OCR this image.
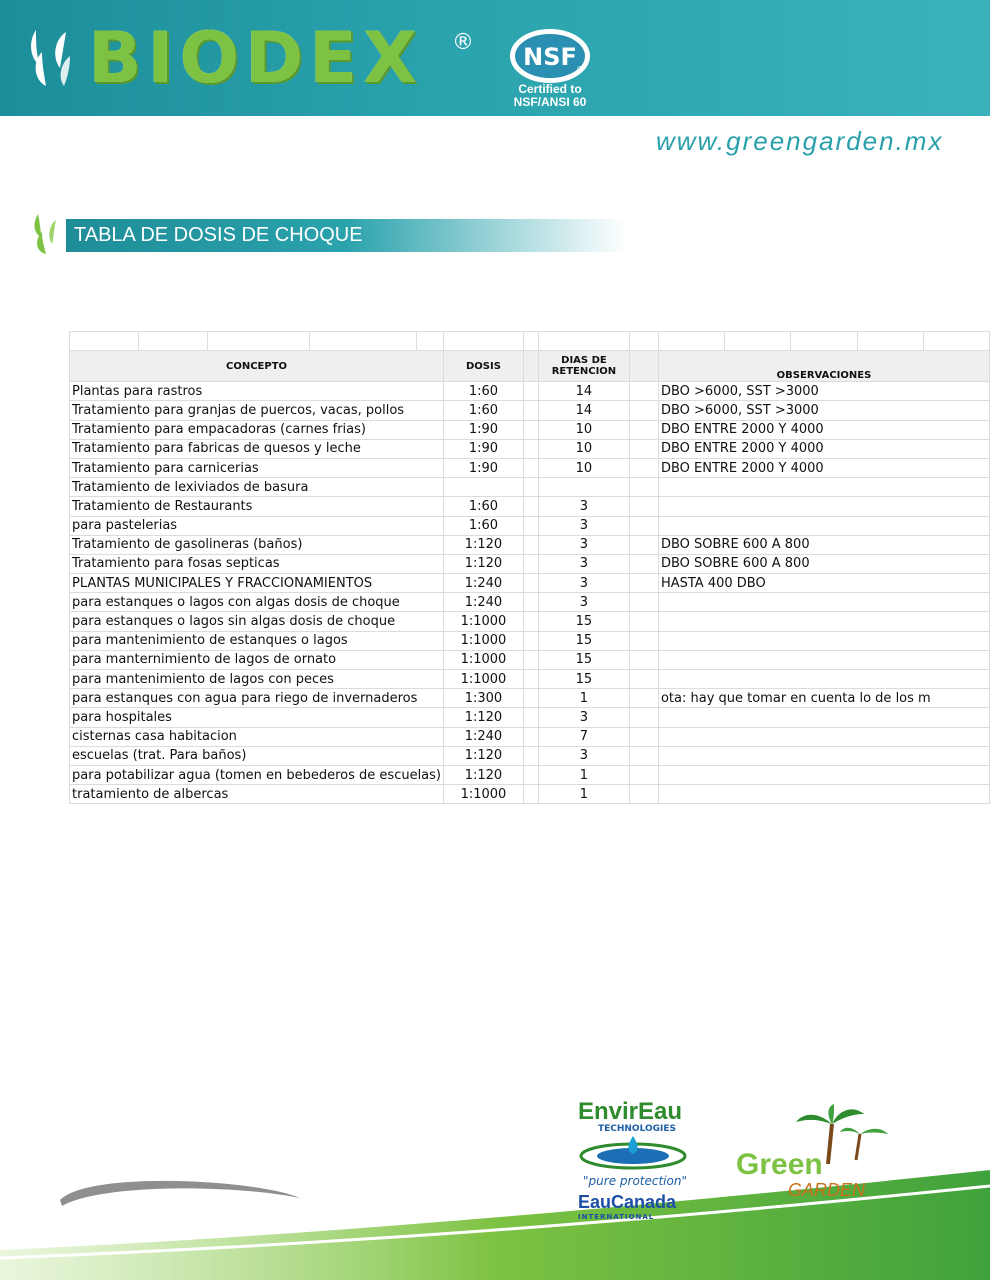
BIODEX ®
NSF ®
Certified to
NSF/ANSI 60
www.greengarden.mx
TABLA DE DOSIS DE CHOQUE

CONCEPTO					DOSIS		DIAS DE
RETENCION		OBSERVACIONES				
Plantas para rastros					1:60		14		DBO >6000, SST >3000				
Tratamiento para granjas de puercos, vacas, pollos					1:60		14		DBO >6000, SST >3000				
Tratamiento para empacadoras (carnes frias)					1:90		10		DBO ENTRE 2000 Y 4000				
Tratamiento para fabricas de quesos y leche					1:90		10		DBO ENTRE 2000 Y 4000				
Tratamiento para carnicerias					1:90		10		DBO ENTRE 2000 Y 4000				
Tratamiento de lexiviados de basura													
Tratamiento de Restaurants					1:60		3						
para pastelerias					1:60		3						
Tratamiento de gasolineras (baños)					1:120		3		DBO SOBRE 600 A 800				
Tratamiento para fosas septicas					1:120		3		DBO SOBRE 600 A 800				
PLANTAS MUNICIPALES Y FRACCIONAMIENTOS					1:240		3		HASTA 400 DBO				
para estanques o lagos con algas dosis de choque					1:240		3						
para estanques o lagos sin algas dosis de choque					1:1000		15						
para mantenimiento de estanques o lagos					1:1000		15						
para manternimiento de lagos de ornato					1:1000		15						
para mantenimiento de lagos con peces					1:1000		15						
para estanques con agua para riego de invernaderos					1:300		1		ota: hay que tomar en cuenta lo de los m				
para hospitales					1:120		3						
cisternas casa habitacion					1:240		7						
escuelas (trat. Para baños)					1:120		3						
para potabilizar agua (tomen en bebederos de escuelas)					1:120		1						
tratamiento de albercas					1:1000		1						
EnvirEau
TECHNOLOGIES
"pure protection"
EauCanada
INTERNATIONAL
Green
GARDEN
